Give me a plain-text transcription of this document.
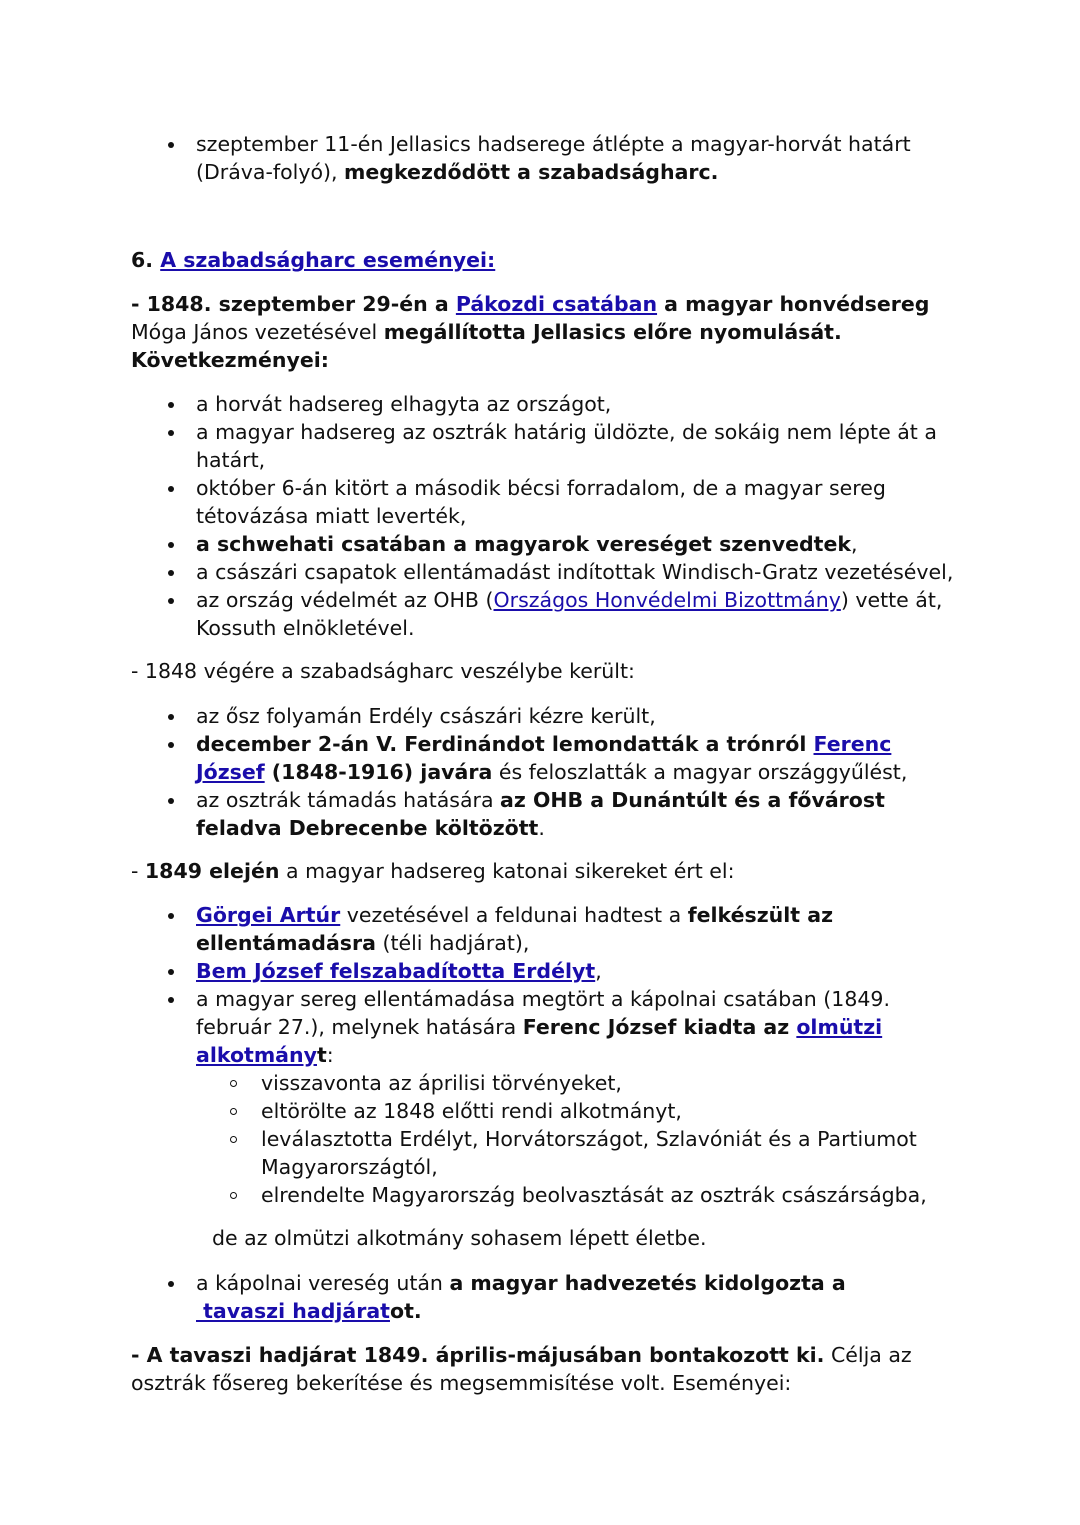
szeptember 11-én Jellasics hadserege átlépte a magyar-horvát határt (Dráva-folyó), megkezdődött a szabadságharc.

6. A szabadságharc eseményei:

- 1848. szeptember 29-én a Pákozdi csatában a magyar honvédsereg Móga János vezetésével megállította Jellasics előre nyomulását. Következményei:

a horvát hadsereg elhagyta az országot,
a magyar hadsereg az osztrák határig üldözte, de sokáig nem lépte át a határt,
október 6-án kitört a második bécsi forradalom, de a magyar sereg tétovázása miatt leverték,
a schwehati csatában a magyarok vereséget szenvedtek,
a császári csapatok ellentámadást indítottak Windisch-Gratz vezetésével,
az ország védelmét az OHB (Országos Honvédelmi Bizottmány) vette át, Kossuth elnökletével.

- 1848 végére a szabadságharc veszélybe került:

az ősz folyamán Erdély császári kézre került,
december 2-án V. Ferdinándot lemondatták a trónról Ferenc József (1848-1916) javára és feloszlatták a magyar országgyűlést,
az osztrák támadás hatására az OHB a Dunántúlt és a fővárost feladva Debrecenbe költözött.

- 1849 elején a magyar hadsereg katonai sikereket ért el:

Görgei Artúr vezetésével a feldunai hadtest a felkészült az ellentámadásra (téli hadjárat),
Bem József felszabadította Erdélyt,
a magyar sereg ellentámadása megtört a kápolnai csatában (1849. február 27.), melynek hatására Ferenc József kiadta az olmützi alkotmányt:
visszavonta az áprilisi törvényeket,
eltörölte az 1848 előtti rendi alkotmányt,
leválasztotta Erdélyt, Horvátországot, Szlavóniát és a Partiumot Magyarországtól,
elrendelte Magyarország beolvasztását az osztrák császárságba,

de az olmützi alkotmány sohasem lépett életbe.

a kápolnai vereség után a magyar hadvezetés kidolgozta a tavaszi hadjáratot.

- A tavaszi hadjárat 1849. április-májusában bontakozott ki. Célja az osztrák fősereg bekerítése és megsemmisítése volt. Eseményei:
